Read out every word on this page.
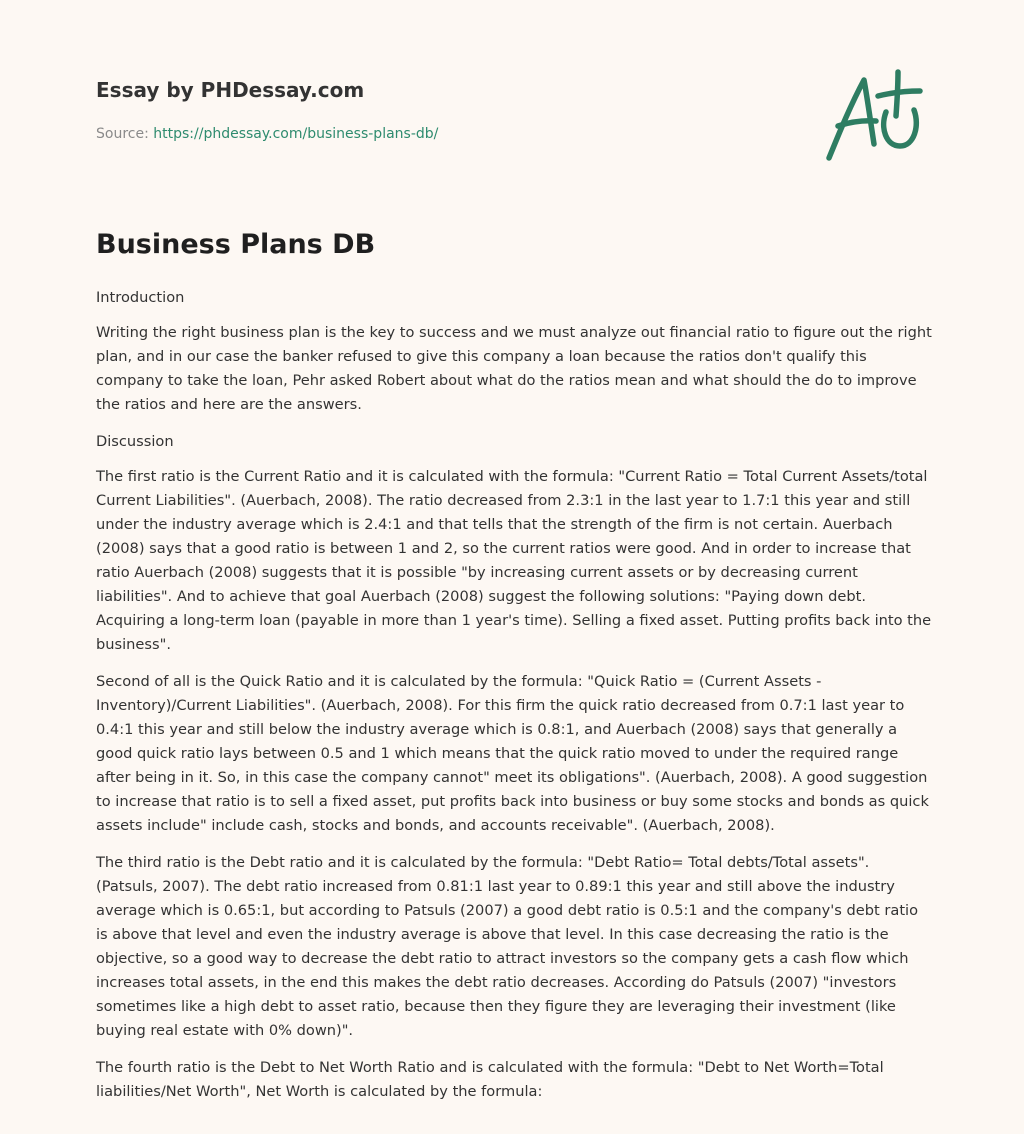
Essay by PHDessay.com
Source: https://phdessay.com/business-plans-db/
Business Plans DB

Introduction

Writing the right business plan is the key to success and we must analyze out financial ratio to figure out the right plan, and in our case the banker refused to give this company a loan because the ratios don't qualify this company to take the loan, Pehr asked Robert about what do the ratios mean and what should the do to improve the ratios and here are the answers.

Discussion

The first ratio is the Current Ratio and it is calculated with the formula: "Current Ratio = Total Current Assets/total Current Liabilities". (Auerbach, 2008). The ratio decreased from 2.3:1 in the last year to 1.7:1 this year and still under the industry average which is 2.4:1 and that tells that the strength of the firm is not certain. Auerbach (2008) says that a good ratio is between 1 and 2, so the current ratios were good. And in order to increase that ratio Auerbach (2008) suggests that it is possible "by increasing current assets or by decreasing current liabilities". And to achieve that goal Auerbach (2008) suggest the following solutions: "Paying down debt. Acquiring a long-term loan (payable in more than 1 year's time). Selling a fixed asset. Putting profits back into the business".

Second of all is the Quick Ratio and it is calculated by the formula: "Quick Ratio = (Current Assets - Inventory)/Current Liabilities". (Auerbach, 2008). For this firm the quick ratio decreased from 0.7:1 last year to 0.4:1 this year and still below the industry average which is 0.8:1, and Auerbach (2008) says that generally a good quick ratio lays between 0.5 and 1 which means that the quick ratio moved to under the required range after being in it. So, in this case the company cannot" meet its obligations". (Auerbach, 2008). A good suggestion to increase that ratio is to sell a fixed asset, put profits back into business or buy some stocks and bonds as quick assets include" include cash, stocks and bonds, and accounts receivable". (Auerbach, 2008).

The third ratio is the Debt ratio and it is calculated by the formula: "Debt Ratio= Total debts/Total assets". (Patsuls, 2007). The debt ratio increased from 0.81:1 last year to 0.89:1 this year and still above the industry average which is 0.65:1, but according to Patsuls (2007) a good debt ratio is 0.5:1 and the company's debt ratio is above that level and even the industry average is above that level. In this case decreasing the ratio is the objective, so a good way to decrease the debt ratio to attract investors so the company gets a cash flow which increases total assets, in the end this makes the debt ratio decreases. According do Patsuls (2007) "investors sometimes like a high debt to asset ratio, because then they figure they are leveraging their investment (like buying real estate with 0% down)".

The fourth ratio is the Debt to Net Worth Ratio and is calculated with the formula: "Debt to Net Worth=Total liabilities/Net Worth", Net Worth is calculated by the formula:
